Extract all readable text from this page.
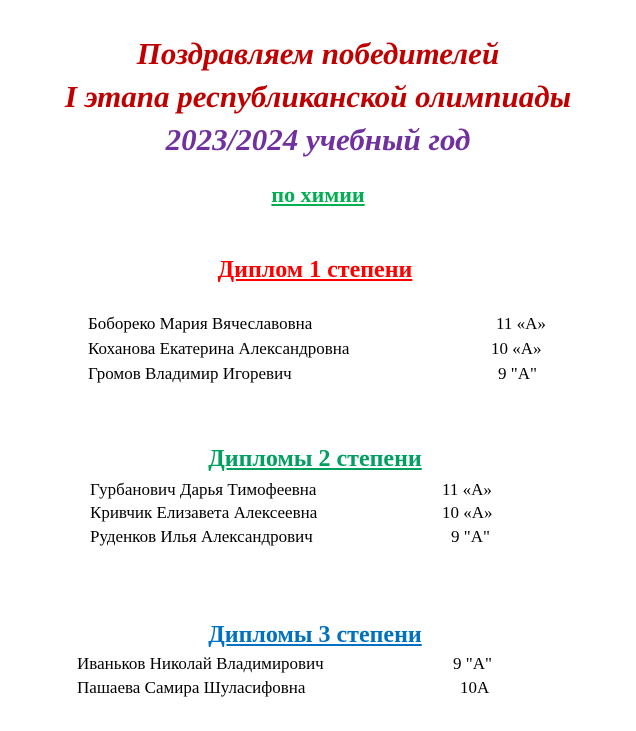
Поздравляем победителей
I этапа республиканской олимпиады
2023/2024 учебный год
по химии
Диплом 1 степени
Боборeко Мария Вячеславовна	11 «А»
Коханова Екатерина Александровна	10 «А»
Громов Владимир Игоревич	9 "А"
Дипломы 2 степени
Гурбанович Дарья Тимофеевна	11 «А»
Кривчик Елизавета Алексеевна	10 «А»
Руденков Илья Александрович	9 "А"
Дипломы 3 степени
Иваньков Николай Владимирович	9 "А"
Пашаева Самира Шуласифовна	10А
